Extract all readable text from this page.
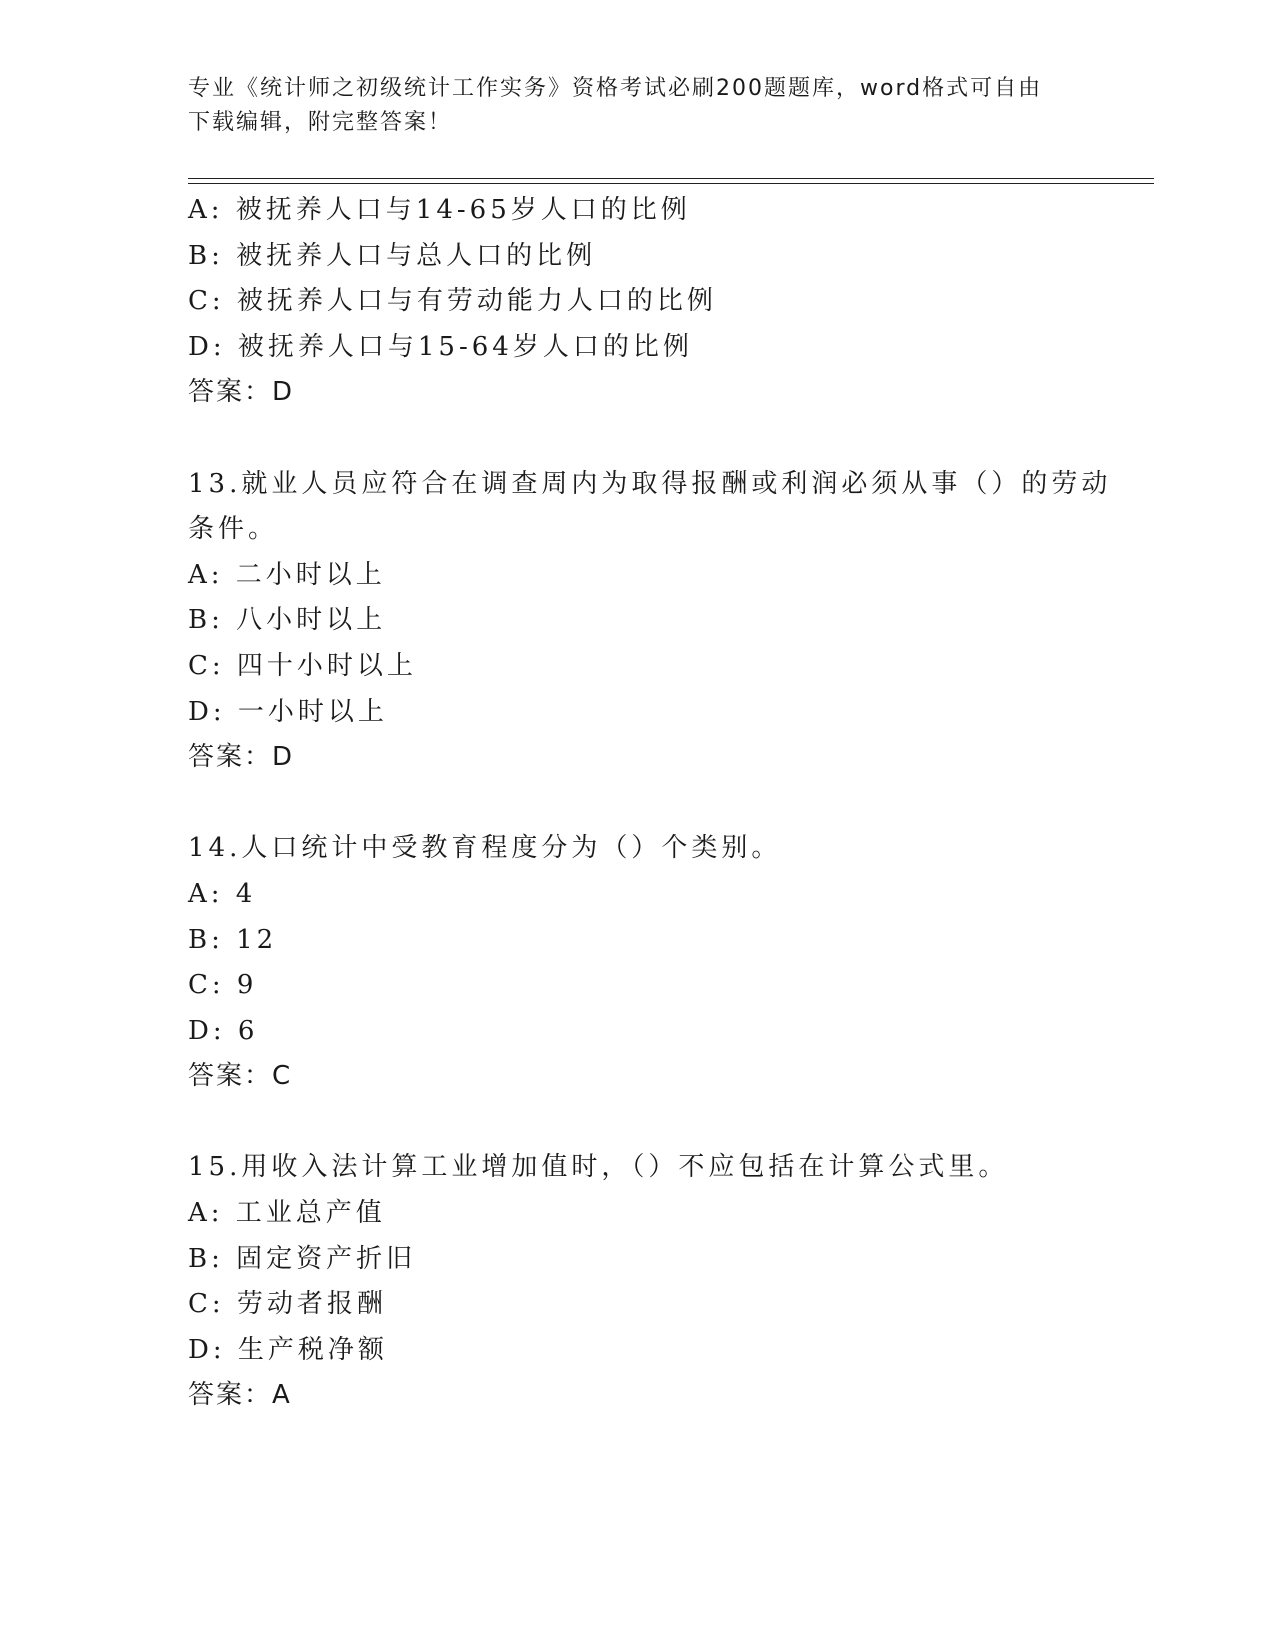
专业《统计师之初级统计工作实务》资格考试必刷200题题库，word格式可自由
下载编辑，附完整答案！
A: 被抚养人口与14-65岁人口的比例
B: 被抚养人口与总人口的比例
C: 被抚养人口与有劳动能力人口的比例
D: 被抚养人口与15-64岁人口的比例
答案：D
13.就业人员应符合在调查周内为取得报酬或利润必须从事（）的劳动
条件。
A: 二小时以上
B: 八小时以上
C: 四十小时以上
D: 一小时以上
答案：D
14.人口统计中受教育程度分为（）个类别。
A: 4
B: 12
C: 9
D: 6
答案：C
15.用收入法计算工业增加值时，（）不应包括在计算公式里。
A: 工业总产值
B: 固定资产折旧
C: 劳动者报酬
D: 生产税净额
答案：A
